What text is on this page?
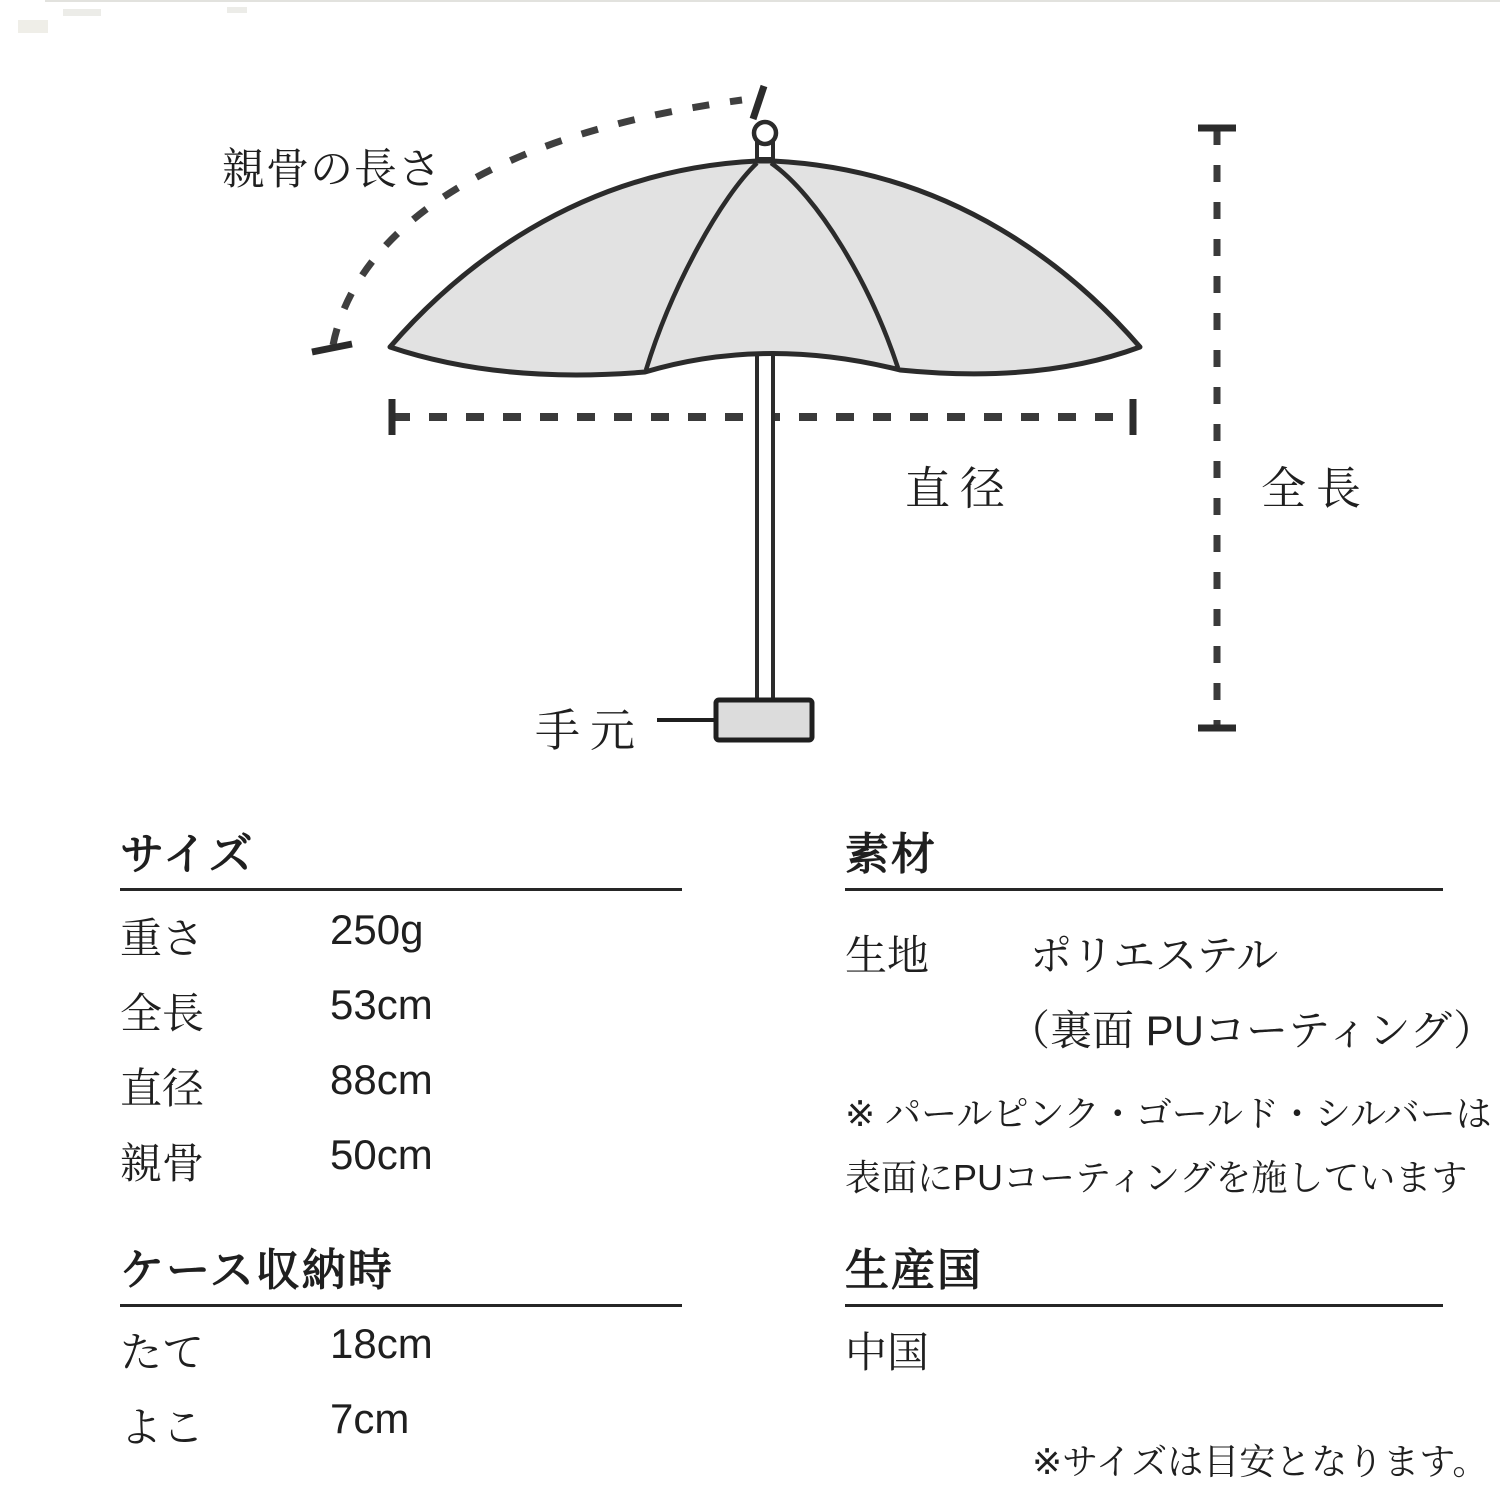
親骨の長さ
直径	全長
手元
サイズ
重さ	250g
全長	53cm
直径	88cm
親骨	50cm
ケース収納時
たて	18cm
よこ	7cm
素材
生地 ポリエステル
（裏面 PUコーティング）
※ パールピンク・ゴールド・シルバーは
表面にPUコーティングを施しています
生産国
中国
※サイズは目安となります。
